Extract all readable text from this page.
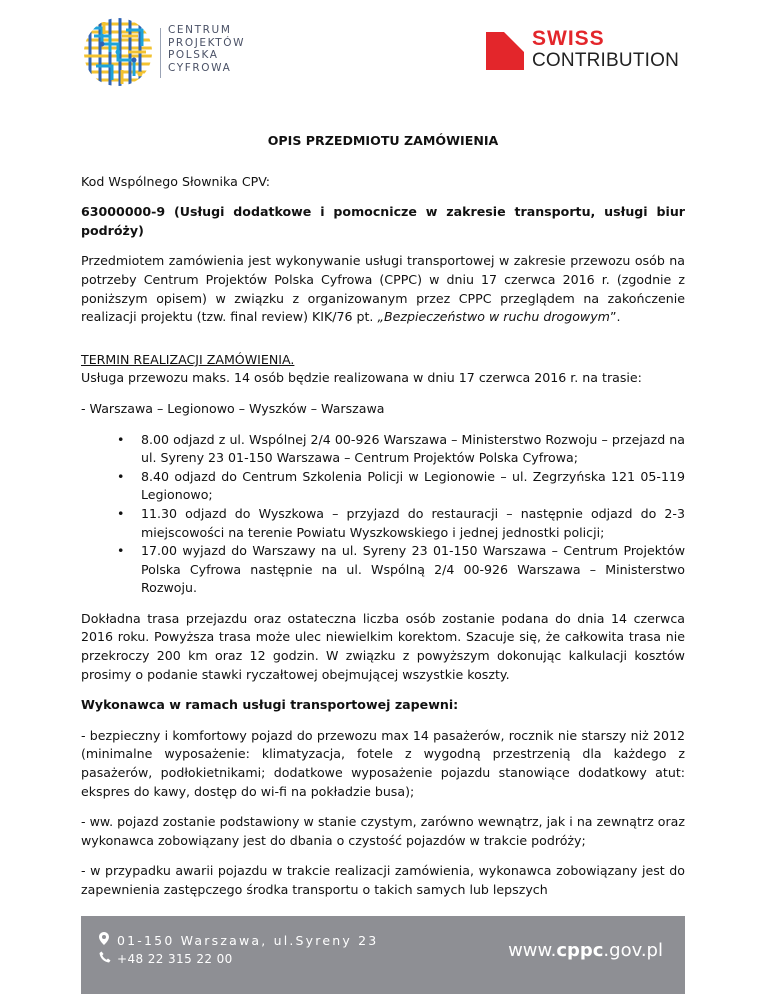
CENTRUM
PROJEKTÓW
POLSKA
CYFROWA
SWISS
CONTRIBUTION
OPIS PRZEDMIOTU ZAMÓWIENIA

Kod Wspólnego Słownika CPV:

63000000-9 (Usługi dodatkowe i pomocnicze w zakresie transportu, usługi biur podróży)

Przedmiotem zamówienia jest wykonywanie usługi transportowej w zakresie przewozu osób na potrzeby Centrum Projektów Polska Cyfrowa (CPPC) w dniu 17 czerwca 2016 r. (zgodnie z poniższym opisem) w związku z organizowanym przez CPPC przeglądem na zakończenie realizacji projektu (tzw. final review) KIK/76 pt. „Bezpieczeństwo w ruchu drogowym”.

TERMIN REALIZACJI ZAMÓWIENIA.
Usługa przewozu maks. 14 osób będzie realizowana w dniu 17 czerwca 2016 r. na trasie:

- Warszawa – Legionowo – Wyszków – Warszawa

• 8.00 odjazd z ul. Wspólnej 2/4 00-926 Warszawa – Ministerstwo Rozwoju – przejazd na ul. Syreny 23 01-150 Warszawa – Centrum Projektów Polska Cyfrowa;
• 8.40 odjazd do Centrum Szkolenia Policji w Legionowie – ul. Zegrzyńska 121 05-119 Legionowo;
• 11.30 odjazd do Wyszkowa – przyjazd do restauracji – następnie odjazd do 2-3 miejscowości na terenie Powiatu Wyszkowskiego i jednej jednostki policji;
• 17.00 wyjazd do Warszawy na ul. Syreny 23 01-150 Warszawa – Centrum Projektów Polska Cyfrowa następnie na ul. Wspólną 2/4 00-926 Warszawa – Ministerstwo Rozwoju.

Dokładna trasa przejazdu oraz ostateczna liczba osób zostanie podana do dnia 14 czerwca 2016 roku. Powyższa trasa może ulec niewielkim korektom. Szacuje się, że całkowita trasa nie przekroczy 200 km oraz 12 godzin. W związku z powyższym dokonując kalkulacji kosztów prosimy o podanie stawki ryczałtowej obejmującej wszystkie koszty.

Wykonawca w ramach usługi transportowej zapewni:

- bezpieczny i komfortowy pojazd do przewozu max 14 pasażerów, rocznik nie starszy niż 2012 (minimalne wyposażenie: klimatyzacja, fotele z wygodną przestrzenią dla każdego z pasażerów, podłokietnikami; dodatkowe wyposażenie pojazdu stanowiące dodatkowy atut: ekspres do kawy, dostęp do wi-fi na pokładzie busa);

- ww. pojazd zostanie podstawiony w stanie czystym, zarówno wewnątrz, jak i na zewnątrz oraz wykonawca zobowiązany jest do dbania o czystość pojazdów w trakcie podróży;

- w przypadku awarii pojazdu w trakcie realizacji zamówienia, wykonawca zobowiązany jest do zapewnienia zastępczego środka transportu o takich samych lub lepszych

01-150 Warszawa, ul.Syreny 23
+48 22 315 22 00	www.cppc.gov.pl
